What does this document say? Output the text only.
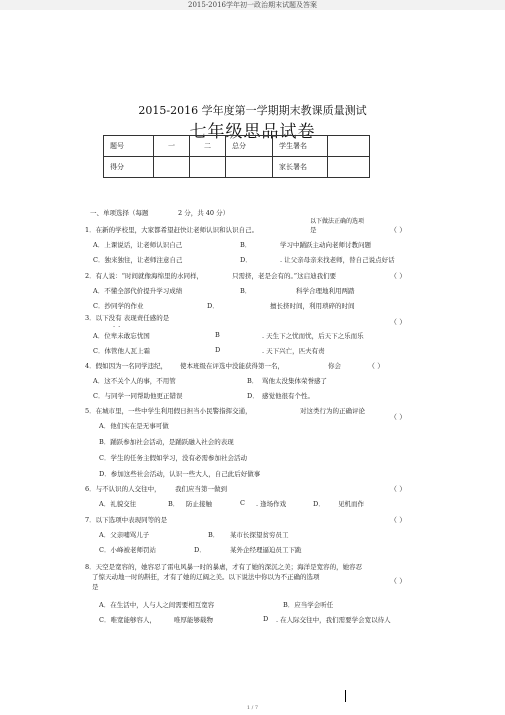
2015-2016学年初一政治期末试题及答案
2015-2016 学年度第一学期期末教课质量测试
七年级思品试卷
题号	一	二	总分	学生署名	
得分				家长署名	
一、单项选择（每题	2 分，共 40 分）
以下做法正确的选项
1．在新的学校里，大家都希望赶快让老师认识和认识自己。	是	（ ）
A．上课说话，让老师认识自己	B．	学习中踊跃主动向老师讨教问题
C．独来独往，让老师注意自己	D．	. 让父亲母亲来找老师，替自己说点好话
2．有人说：“时间就像海绵里的水同样，	只需挤，老是会有的。”这启迪我们要	（ ）
A．不懂全部代价提升学习成绩	B．	科学合理地利用两踏
C．抄同学的作业	D．	擅长挤时间，利用琐碎的时间
3．以下没有 表现责任感的是
..	（ ）
A．位卑未敢忘忧国	B	. 天生下之忧而忧，后天下之乐而乐
C．体管他人瓦上霜	D	. 天下兴亡，匹夫有责
4．假如因为一名同学违纪， 使本班级在评选中没能获得第一名，	你会	（ ）
A．这不关个人的事，不用管	B． 骂他太没集体荣誉感了
C．与同学一同帮助他更正错误	D． 感觉他很有个性。
5．在城市里，一些中学生利用假日担当小民警指挥交通，	对这类行为的正确评论
（ ）
A．他们实在是无事可做
B．踊跃参加社会活动，是踊跃融入社会的表现
C．学生的任务主假如学习，没有必需参加社会活动
D．参加这些社会活动，认识一些大人，自己此后好做事
6．与不认识的人交往中， 我们应当第一做到	（ ）
A．礼貌交往	B． 防止接触	C . 逢场作戏	D． 见机而作
7．以下选项中表现同等的是	（ ）
A．父亲哺骂儿子	B． 某市长探望贫穷员工
C．小峰被老师罚站	D．	某外企经理逼迫员工下跪
8．天空是宽容的，她容忍了雷电风暴一时的暴虐，才有了她的深沉之美；海洋是宽容的，她容忍
了惊天动地一时的斟狂，才有了她的辽阔之美。以下说法中你以为不正确的选项
是
（ ）
A．在生活中，人与人之间需要相互宽容	B．应当学会听任
C．唯宽能够容人，	唯厚能够载物	D . 在人际交往中，我们需要学会宽以待人
1 / 7
